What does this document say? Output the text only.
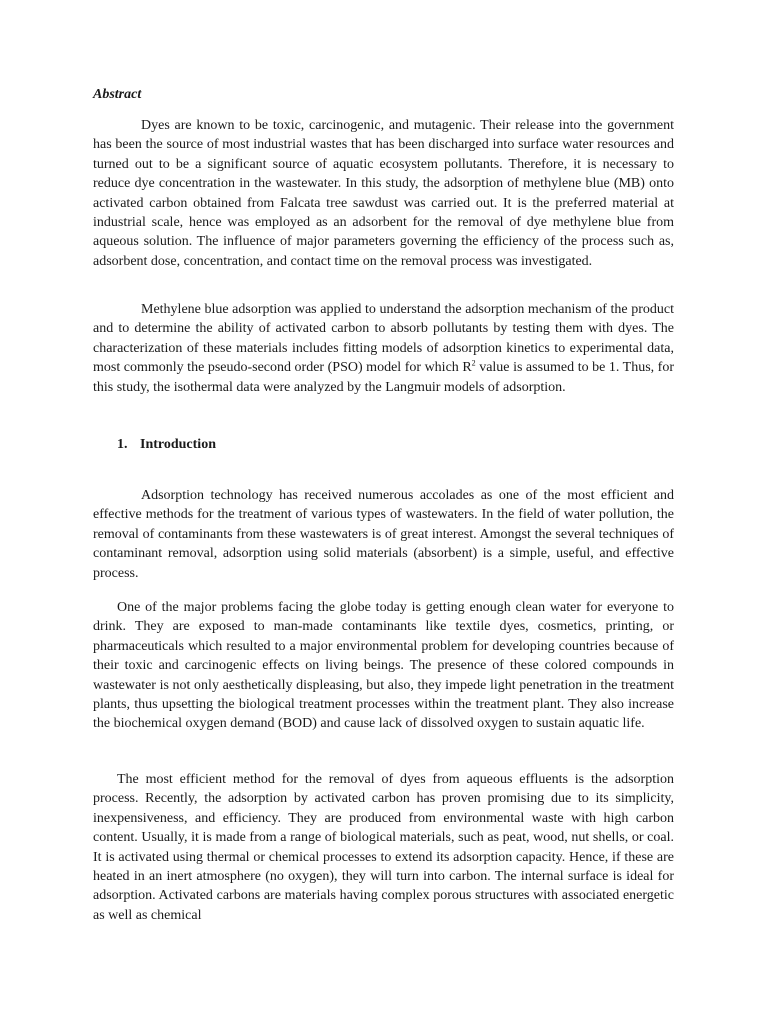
Abstract

Dyes are known to be toxic, carcinogenic, and mutagenic. Their release into the government has been the source of most industrial wastes that has been discharged into surface water resources and turned out to be a significant source of aquatic ecosystem pollutants. Therefore, it is necessary to reduce dye concentration in the wastewater. In this study, the adsorption of methylene blue (MB) onto activated carbon obtained from Falcata tree sawdust was carried out. It is the preferred material at industrial scale, hence was employed as an adsorbent for the removal of dye methylene blue from aqueous solution. The influence of major parameters governing the efficiency of the process such as, adsorbent dose, concentration, and contact time on the removal process was investigated.

Methylene blue adsorption was applied to understand the adsorption mechanism of the product and to determine the ability of activated carbon to absorb pollutants by testing them with dyes. The characterization of these materials includes fitting models of adsorption kinetics to experimental data, most commonly the pseudo-second order (PSO) model for which $R^2$ value is assumed to be 1. Thus, for this study, the isothermal data were analyzed by the Langmuir models of adsorption.

1. Introduction

Adsorption technology has received numerous accolades as one of the most efficient and effective methods for the treatment of various types of wastewaters. In the field of water pollution, the removal of contaminants from these wastewaters is of great interest. Amongst the several techniques of contaminant removal, adsorption using solid materials (absorbent) is a simple, useful, and effective process.

One of the major problems facing the globe today is getting enough clean water for everyone to drink. They are exposed to man-made contaminants like textile dyes, cosmetics, printing, or pharmaceuticals which resulted to a major environmental problem for developing countries because of their toxic and carcinogenic effects on living beings. The presence of these colored compounds in wastewater is not only aesthetically displeasing, but also, they impede light penetration in the treatment plants, thus upsetting the biological treatment processes within the treatment plant. They also increase the biochemical oxygen demand (BOD) and cause lack of dissolved oxygen to sustain aquatic life.

The most efficient method for the removal of dyes from aqueous effluents is the adsorption process. Recently, the adsorption by activated carbon has proven promising due to its simplicity, inexpensiveness, and efficiency. They are produced from environmental waste with high carbon content. Usually, it is made from a range of biological materials, such as peat, wood, nut shells, or coal. It is activated using thermal or chemical processes to extend its adsorption capacity. Hence, if these are heated in an inert atmosphere (no oxygen), they will turn into carbon. The internal surface is ideal for adsorption. Activated carbons are materials having complex porous structures with associated energetic as well as chemical
